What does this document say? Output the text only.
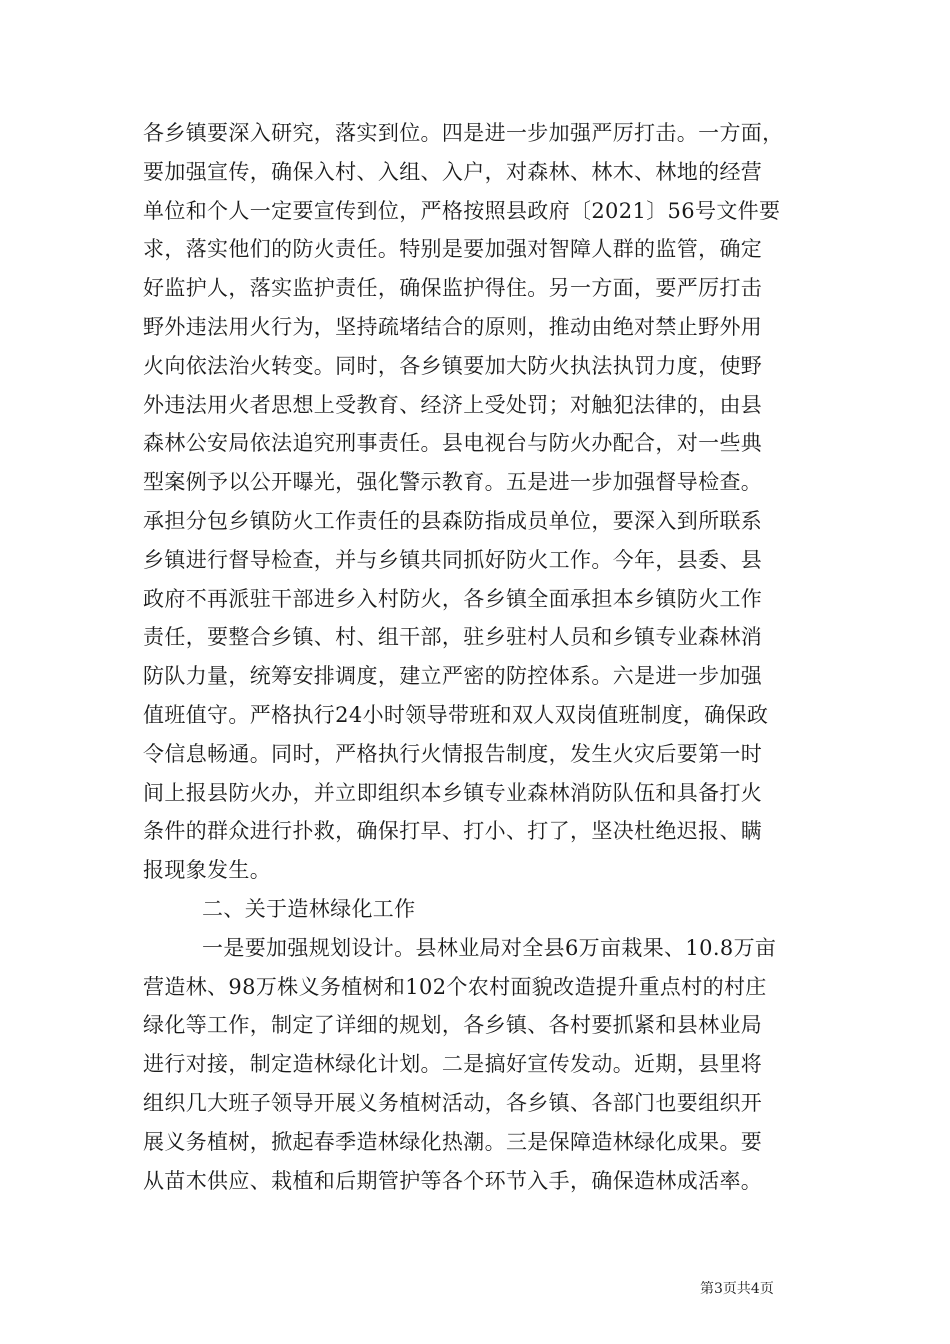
各乡镇要深入研究，落实到位。四是进一步加强严厉打击。一方面，
要加强宣传，确保入村、入组、入户，对森林、林木、林地的经营
单位和个人一定要宣传到位，严格按照县政府〔2021〕56号文件要
求，落实他们的防火责任。特别是要加强对智障人群的监管，确定
好监护人，落实监护责任，确保监护得住。另一方面，要严厉打击
野外违法用火行为，坚持疏堵结合的原则，推动由绝对禁止野外用
火向依法治火转变。同时，各乡镇要加大防火执法执罚力度，使野
外违法用火者思想上受教育、经济上受处罚；对触犯法律的，由县
森林公安局依法追究刑事责任。县电视台与防火办配合，对一些典
型案例予以公开曝光，强化警示教育。五是进一步加强督导检查。
承担分包乡镇防火工作责任的县森防指成员单位，要深入到所联系
乡镇进行督导检查，并与乡镇共同抓好防火工作。今年，县委、县
政府不再派驻干部进乡入村防火，各乡镇全面承担本乡镇防火工作
责任，要整合乡镇、村、组干部，驻乡驻村人员和乡镇专业森林消
防队力量，统筹安排调度，建立严密的防控体系。六是进一步加强
值班值守。严格执行24小时领导带班和双人双岗值班制度，确保政
令信息畅通。同时，严格执行火情报告制度，发生火灾后要第一时
间上报县防火办，并立即组织本乡镇专业森林消防队伍和具备打火
条件的群众进行扑救，确保打早、打小、打了，坚决杜绝迟报、瞒
报现象发生。
二、关于造林绿化工作
一是要加强规划设计。县林业局对全县6万亩栽果、10.8万亩
营造林、98万株义务植树和102个农村面貌改造提升重点村的村庄
绿化等工作，制定了详细的规划，各乡镇、各村要抓紧和县林业局
进行对接，制定造林绿化计划。二是搞好宣传发动。近期，县里将
组织几大班子领导开展义务植树活动，各乡镇、各部门也要组织开
展义务植树，掀起春季造林绿化热潮。三是保障造林绿化成果。要
从苗木供应、栽植和后期管护等各个环节入手，确保造林成活率。
第3页共4页
